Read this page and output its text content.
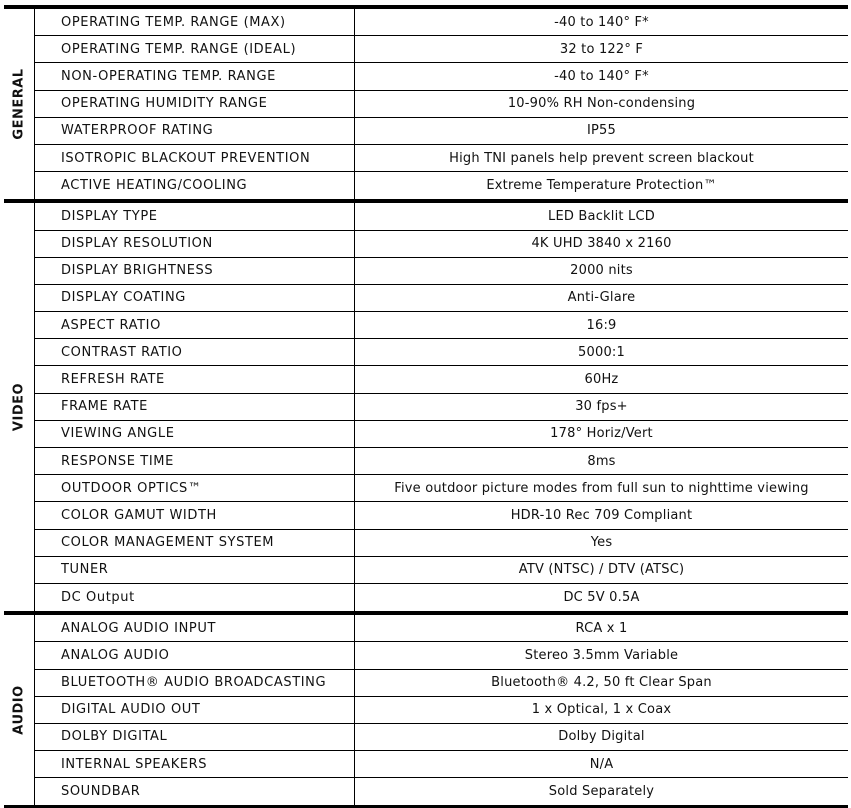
GENERAL
OPERATING TEMP. RANGE (MAX)	-40 to 140° F*
OPERATING TEMP. RANGE (IDEAL)	32 to 122° F
NON-OPERATING TEMP. RANGE	-40 to 140° F*
OPERATING HUMIDITY RANGE	10-90% RH Non-condensing
WATERPROOF RATING	IP55
ISOTROPIC BLACKOUT PREVENTION	High TNI panels help prevent screen blackout
ACTIVE HEATING/COOLING	Extreme Temperature Protection™
VIDEO
DISPLAY TYPE	LED Backlit LCD
DISPLAY RESOLUTION	4K UHD 3840 x 2160
DISPLAY BRIGHTNESS	2000 nits
DISPLAY COATING	Anti-Glare
ASPECT RATIO	16:9
CONTRAST RATIO	5000:1
REFRESH RATE	60Hz
FRAME RATE	30 fps+
VIEWING ANGLE	178° Horiz/Vert
RESPONSE TIME	8ms
OUTDOOR OPTICS™	Five outdoor picture modes from full sun to nighttime viewing
COLOR GAMUT WIDTH	HDR-10 Rec 709 Compliant
COLOR MANAGEMENT SYSTEM	Yes
TUNER	ATV (NTSC) / DTV (ATSC)
DC Output	DC 5V 0.5A
AUDIO
ANALOG AUDIO INPUT	RCA x 1
ANALOG AUDIO	Stereo 3.5mm Variable
BLUETOOTH® AUDIO BROADCASTING	Bluetooth® 4.2, 50 ft Clear Span
DIGITAL AUDIO OUT	1 x Optical, 1 x Coax
DOLBY DIGITAL	Dolby Digital
INTERNAL SPEAKERS	N/A
SOUNDBAR	Sold Separately
